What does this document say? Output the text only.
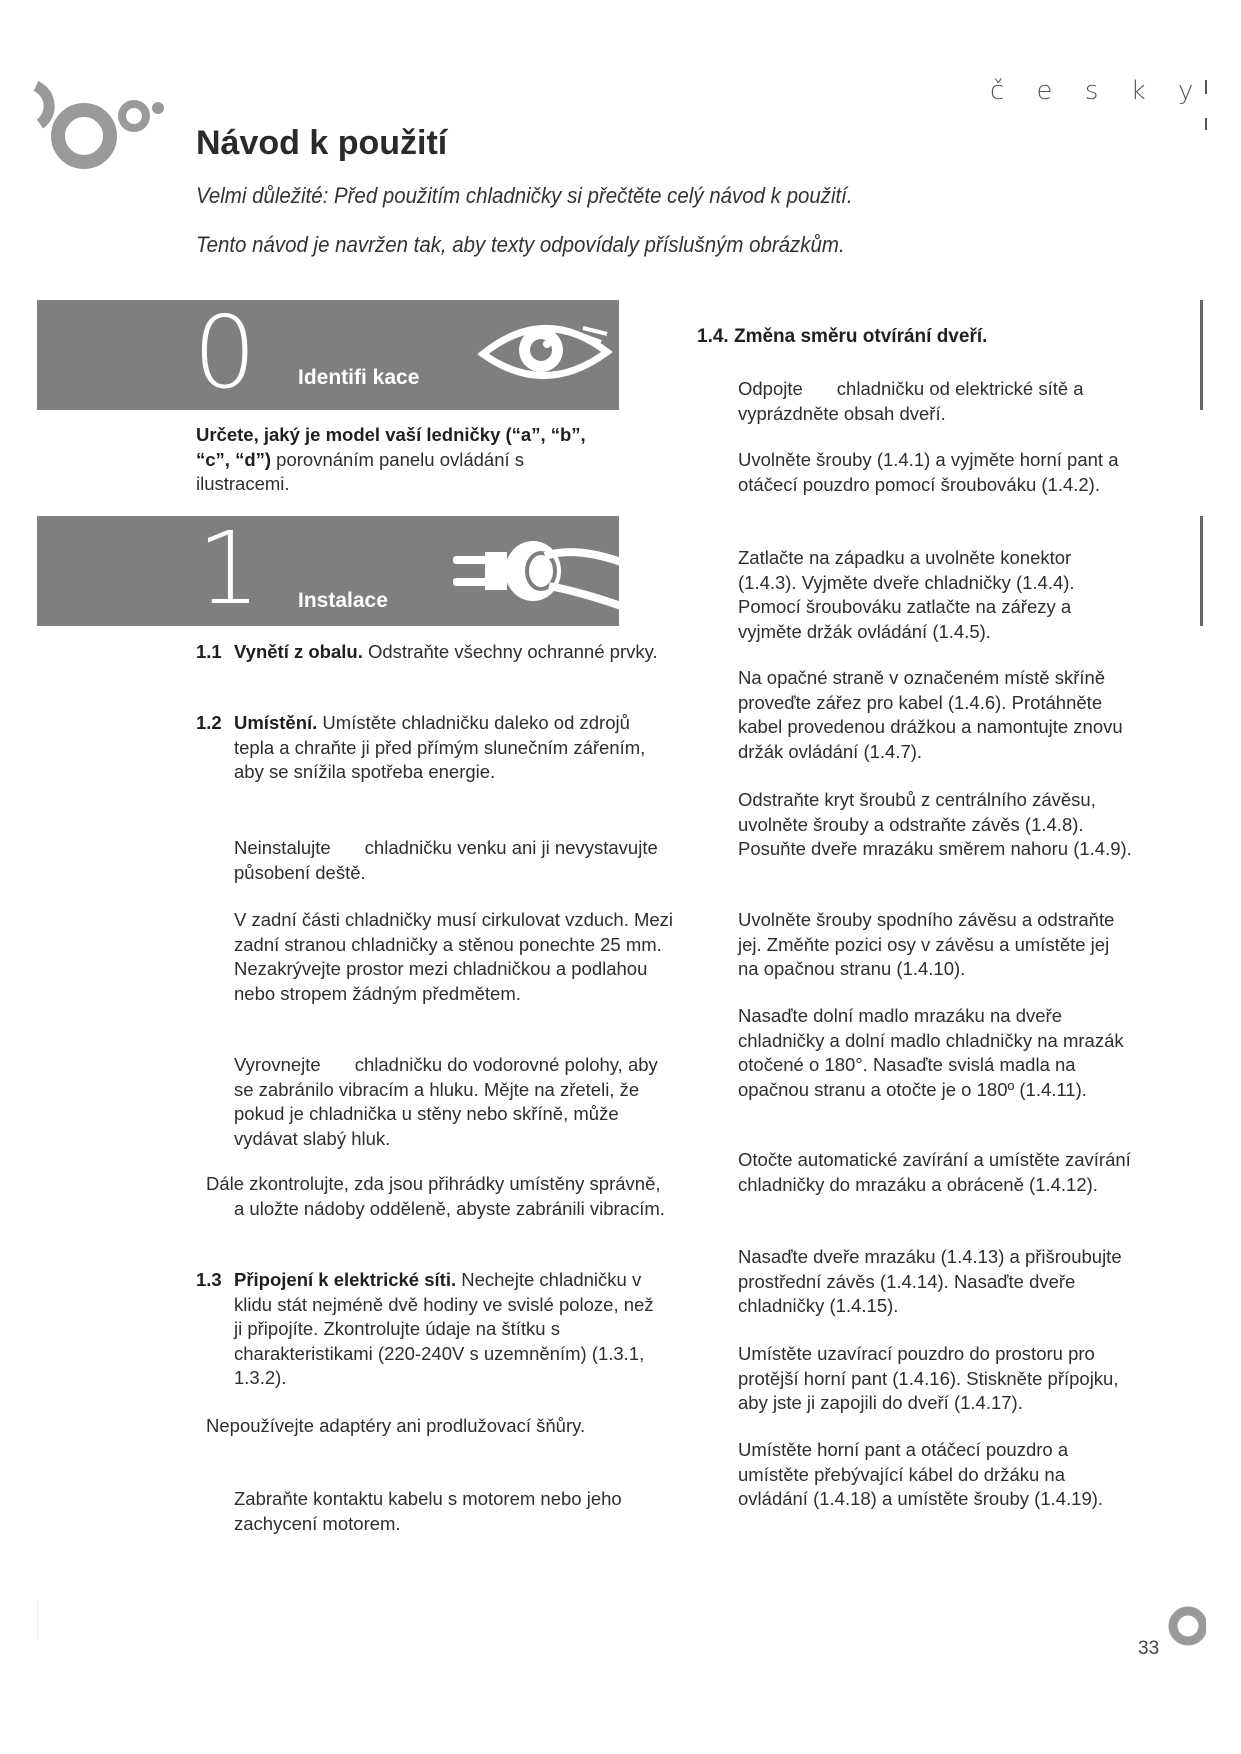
č e s k y
Návod k použití
Velmi důležité: Před použitím chladničky si přečtěte celý návod k použití.
Tento návod je navržen tak, aby texty odpovídaly příslušným obrázkům.
0 Identifi kace

Určete, jaký je model vaší ledničky (“a”, “b”, “c”, “d”) porovnáním panelu ovládání s ilustracemi.

1 Instalace
1.1 Vynětí z obalu. Odstraňte všechny ochranné prvky.

1.2 Umístění. Umístěte chladničku daleko od zdrojů tepla a chraňte ji před přímým slunečním zářením, aby se snížila spotřeba energie.

Neinstalujte chladničku venku ani ji nevystavujte působení deště.

V zadní části chladničky musí cirkulovat vzduch. Mezi zadní stranou chladničky a stěnou ponechte 25 mm. Nezakrývejte prostor mezi chladničkou a podlahou nebo stropem žádným předmětem.

Vyrovnejte chladničku do vodorovné polohy, aby se zabránilo vibracím a hluku. Mějte na zřeteli, že pokud je chladnička u stěny nebo skříně, může vydávat slabý hluk.

Dále zkontrolujte, zda jsou přihrádky umístěny správně, a uložte nádoby odděleně, abyste zabránili vibracím.

1.3 Připojení k elektrické síti. Nechejte chladničku v klidu stát nejméně dvě hodiny ve svislé poloze, než ji připojíte. Zkontrolujte údaje na štítku s charakteristikami (220-240V s uzemněním) (1.3.1, 1.3.2).

Nepoužívejte adaptéry ani prodlužovací šňůry.

Zabraňte kontaktu kabelu s motorem nebo jeho zachycení motorem.

1.4. Změna směru otvírání dveří.

Odpojte chladničku od elektrické sítě a vyprázdněte obsah dveří.

Uvolněte šrouby (1.4.1) a vyjměte horní pant a otáčecí pouzdro pomocí šroubováku (1.4.2).

Zatlačte na západku a uvolněte konektor (1.4.3). Vyjměte dveře chladničky (1.4.4). Pomocí šroubováku zatlačte na zářezy a vyjměte držák ovládání (1.4.5).

Na opačné straně v označeném místě skříně proveďte zářez pro kabel (1.4.6). Protáhněte kabel provedenou drážkou a namontujte znovu držák ovládání (1.4.7).

Odstraňte kryt šroubů z centrálního závěsu, uvolněte šrouby a odstraňte závěs (1.4.8). Posuňte dveře mrazáku směrem nahoru (1.4.9).

Uvolněte šrouby spodního závěsu a odstraňte jej. Změňte pozici osy v závěsu a umístěte jej na opačnou stranu (1.4.10).

Nasaďte dolní madlo mrazáku na dveře chladničky a dolní madlo chladničky na mrazák otočené o 180°. Nasaďte svislá madla na opačnou stranu a otočte je o 180º (1.4.11).

Otočte automatické zavírání a umístěte zavírání chladničky do mrazáku a obráceně (1.4.12).

Nasaďte dveře mrazáku (1.4.13) a přišroubujte prostřední závěs (1.4.14). Nasaďte dveře chladničky (1.4.15).

Umístěte uzavírací pouzdro do prostoru pro protější horní pant (1.4.16). Stiskněte přípojku, aby jste ji zapojili do dveří (1.4.17).

Umístěte horní pant a otáčecí pouzdro a umístěte přebývající kábel do držáku na ovládání (1.4.18) a umístěte šrouby (1.4.19).

33
